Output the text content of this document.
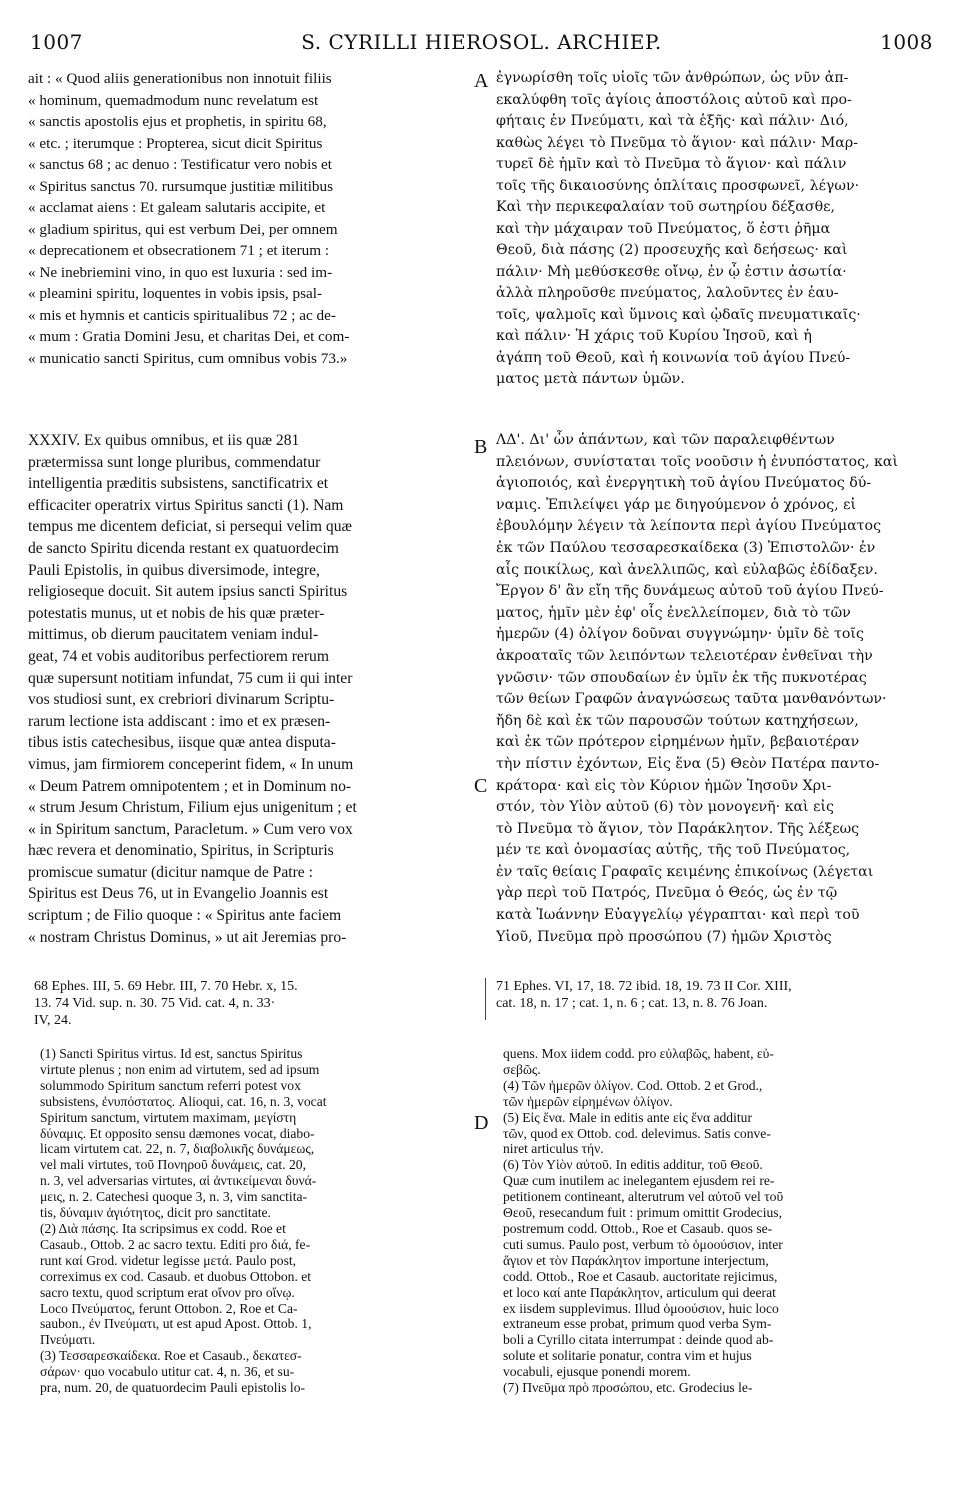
1007	S. CYRILLI HIEROSOL. ARCHIEP.	1008
A
B
C
D
ait : « Quod aliis generationibus non innotuit filiis
« hominum, quemadmodum nunc revelatum est
« sanctis apostolis ejus et prophetis, in spiritu 68,
« etc. ; iterumque : Propterea, sicut dicit Spiritus
« sanctus 68 ; ac denuo : Testificatur vero nobis et
« Spiritus sanctus 70. rursumque justitiæ militibus
« acclamat aiens : Et galeam salutaris accipite, et
« gladium spiritus, qui est verbum Dei, per omnem
« deprecationem et obsecrationem 71 ; et iterum :
« Ne inebriemini vino, in quo est luxuria : sed im-
« pleamini spiritu, loquentes in vobis ipsis, psal-
« mis et hymnis et canticis spiritualibus 72 ; ac de-
« mum : Gratia Domini Jesu, et charitas Dei, et com-
« municatio sancti Spiritus, cum omnibus vobis 73.»
ἐγνωρίσθη τοῖς υἱοῖς τῶν ἀνθρώπων, ὡς νῦν ἀπ-
εκαλύφθη τοῖς ἁγίοις ἀποστόλοις αὐτοῦ καὶ προ-
φήταις ἐν Πνεύματι, καὶ τὰ ἑξῆς· καὶ πάλιν· Διό,
καθὼς λέγει τὸ Πνεῦμα τὸ ἅγιον· καὶ πάλιν· Μαρ-
τυρεῖ δὲ ἡμῖν καὶ τὸ Πνεῦμα τὸ ἅγιον· καὶ πάλιν
τοῖς τῆς δικαιοσύνης ὁπλίταις προσφωνεῖ, λέγων·
Καὶ τὴν περικεφαλαίαν τοῦ σωτηρίου δέξασθε,
καὶ τὴν μάχαιραν τοῦ Πνεύματος, ὅ ἐστι ῥῆμα
Θεοῦ, διὰ πάσης (2) προσευχῆς καὶ δεήσεως· καὶ
πάλιν· Μὴ μεθύσκεσθε οἴνῳ, ἐν ᾧ ἐστιν ἀσωτία·
ἀλλὰ πληροῦσθε πνεύματος, λαλοῦντες ἐν ἑαυ-
τοῖς, ψαλμοῖς καὶ ὕμνοις καὶ ᾠδαῖς πνευματικαῖς·
καὶ πάλιν· Ἡ χάρις τοῦ Κυρίου Ἰησοῦ, καὶ ἡ
ἀγάπη τοῦ Θεοῦ, καὶ ἡ κοινωνία τοῦ ἁγίου Πνεύ-
ματος μετὰ πάντων ὑμῶν.
XXXIV. Ex quibus omnibus, et iis quæ 281
prætermissa sunt longe pluribus, commendatur
intelligentia præditis subsistens, sanctificatrix et
efficaciter operatrix virtus Spiritus sancti (1). Nam
tempus me dicentem deficiat, si persequi velim quæ
de sancto Spiritu dicenda restant ex quatuordecim
Pauli Epistolis, in quibus diversimode, integre,
religioseque docuit. Sit autem ipsius sancti Spiritus
potestatis munus, ut et nobis de his quæ præter-
mittimus, ob dierum paucitatem veniam indul-
geat, 74 et vobis auditoribus perfectiorem rerum
quæ supersunt notitiam infundat, 75 cum ii qui inter
vos studiosi sunt, ex crebriori divinarum Scriptu-
rarum lectione ista addiscant : imo et ex præsen-
tibus istis catechesibus, iisque quæ antea disputa-
vimus, jam firmiorem conceperint fidem, « In unum
« Deum Patrem omnipotentem ; et in Dominum no-
« strum Jesum Christum, Filium ejus unigenitum ; et
« in Spiritum sanctum, Paracletum. » Cum vero vox
hæc revera et denominatio, Spiritus, in Scripturis
promiscue sumatur (dicitur namque de Patre :
Spiritus est Deus 76, ut in Evangelio Joannis est
scriptum ; de Filio quoque : « Spiritus ante faciem
« nostram Christus Dominus, » ut ait Jeremias pro-
ΛΔ'. Δι' ὧν ἁπάντων, καὶ τῶν παραλειφθέντων
πλειόνων, συνίσταται τοῖς νοοῦσιν ἡ ἐνυπόστατος, καὶ
ἁγιοποιός, καὶ ἐνεργητικὴ τοῦ ἁγίου Πνεύματος δύ-
ναμις. Ἐπιλείψει γάρ με διηγούμενον ὁ χρόνος, εἰ
ἐβουλόμην λέγειν τὰ λείποντα περὶ ἁγίου Πνεύματος
ἐκ τῶν Παύλου τεσσαρεσκαίδεκα (3) Ἐπιστολῶν· ἐν
αἷς ποικίλως, καὶ ἀνελλιπῶς, καὶ εὐλαβῶς ἐδίδαξεν.
Ἔργον δ' ἂν εἴη τῆς δυνάμεως αὐτοῦ τοῦ ἁγίου Πνεύ-
ματος, ἡμῖν μὲν ἐφ' οἷς ἐνελλείπομεν, διὰ τὸ τῶν
ἡμερῶν (4) ὀλίγον δοῦναι συγγνώμην· ὑμῖν δὲ τοῖς
ἀκροαταῖς τῶν λειπόντων τελειοτέραν ἐνθεῖναι τὴν
γνῶσιν· τῶν σπουδαίων ἐν ὑμῖν ἐκ τῆς πυκνοτέρας
τῶν θείων Γραφῶν ἀναγνώσεως ταῦτα μανθανόντων·
ἤδη δὲ καὶ ἐκ τῶν παρουσῶν τούτων κατηχήσεων,
καὶ ἐκ τῶν πρότερον εἰρημένων ἡμῖν, βεβαιοτέραν
τὴν πίστιν ἐχόντων, Εἰς ἕνα (5) Θεὸν Πατέρα παντο-
κράτορα· καὶ εἰς τὸν Κύριον ἡμῶν Ἰησοῦν Χρι-
στόν, τὸν Υἱὸν αὐτοῦ (6) τὸν μονογενῆ· καὶ εἰς
τὸ Πνεῦμα τὸ ἅγιον, τὸν Παράκλητον. Τῆς λέξεως
μέν τε καὶ ὀνομασίας αὐτῆς, τῆς τοῦ Πνεύματος,
ἐν ταῖς θείαις Γραφαῖς κειμένης ἐπικοίνως (λέγεται
γὰρ περὶ τοῦ Πατρός, Πνεῦμα ὁ Θεός, ὡς ἐν τῷ
κατὰ Ἰωάννην Εὐαγγελίῳ γέγραπται· καὶ περὶ τοῦ
Υἱοῦ, Πνεῦμα πρὸ προσώπου (7) ἡμῶν Χριστὸς
68 Ephes. III, 5. 69 Hebr. III, 7. 70 Hebr. x, 15.
13. 74 Vid. sup. n. 30. 75 Vid. cat. 4, n. 33·
IV, 24.
71 Ephes. VI, 17, 18. 72 ibid. 18, 19. 73 II Cor. XIII,
cat. 18, n. 17 ; cat. 1, n. 6 ; cat. 13, n. 8. 76 Joan.
(1) Sancti Spiritus virtus. Id est, sanctus Spiritus
virtute plenus ; non enim ad virtutem, sed ad ipsum
solummodo Spiritum sanctum referri potest vox
subsistens, ἐνυπόστατος. Alioqui, cat. 16, n. 3, vocat
Spiritum sanctum, virtutem maximam, μεγίστη
δύναμις. Et opposito sensu dæmones vocat, diabo-
licam virtutem cat. 22, n. 7, διαβολικῆς δυνάμεως,
vel mali virtutes, τοῦ Πονηροῦ δυνάμεις, cat. 20,
n. 3, vel adversarias virtutes, αἱ ἀντικείμεναι δυνά-
μεις, n. 2. Catechesi quoque 3, n. 3, vim sanctita-
tis, δύναμιν ἁγιότητος, dicit pro sanctitate.
(2) Διὰ πάσης. Ita scripsimus ex codd. Roe et
Casaub., Ottob. 2 ac sacro textu. Editi pro διά, fe-
runt καί Grod. videtur legisse μετά. Paulo post,
correximus ex cod. Casaub. et duobus Ottobon. et
sacro textu, quod scriptum erat οἴνον pro οἴνῳ.
Loco Πνεύματος, ferunt Ottobon. 2, Roe et Ca-
saubon., ἐν Πνεύματι, ut est apud Apost. Ottob. 1,
Πνεύματι.
(3) Τεσσαρεσκαίδεκα. Roe et Casaub., δεκατεσ-
σάρων· quo vocabulo utitur cat. 4, n. 36, et su-
pra, num. 20, de quatuordecim Pauli epistolis lo-
quens. Mox iidem codd. pro εὐλαβῶς, habent, εὐ-
σεβῶς.
(4) Τῶν ἡμερῶν ὀλίγον. Cod. Ottob. 2 et Grod.,
τῶν ἡμερῶν εἰρημένων ὀλίγον.
(5) Εἰς ἕνα. Male in editis ante εἰς ἕνα additur
τῶν, quod ex Ottob. cod. delevimus. Satis conve-
niret articulus τήν.
(6) Τὸν Υἱὸν αὐτοῦ. In editis additur, τοῦ Θεοῦ.
Quæ cum inutilem ac inelegantem ejusdem rei re-
petitionem contineant, alterutrum vel αὐτοῦ vel τοῦ
Θεοῦ, resecandum fuit : primum omittit Grodecius,
postremum codd. Ottob., Roe et Casaub. quos se-
cuti sumus. Paulo post, verbum τὸ ὁμοούσιον, inter
ἅγιον et τὸν Παράκλητον importune interjectum,
codd. Ottob., Roe et Casaub. auctoritate rejicimus,
et loco καί ante Παράκλητον, articulum qui deerat
ex iisdem supplevimus. Illud ὁμοούσιον, huic loco
extraneum esse probat, primum quod verba Sym-
boli a Cyrillo citata interrumpat : deinde quod ab-
solute et solitarie ponatur, contra vim et hujus
vocabuli, ejusque ponendi morem.
(7) Πνεῦμα πρὸ προσώπου, etc. Grodecius le-
